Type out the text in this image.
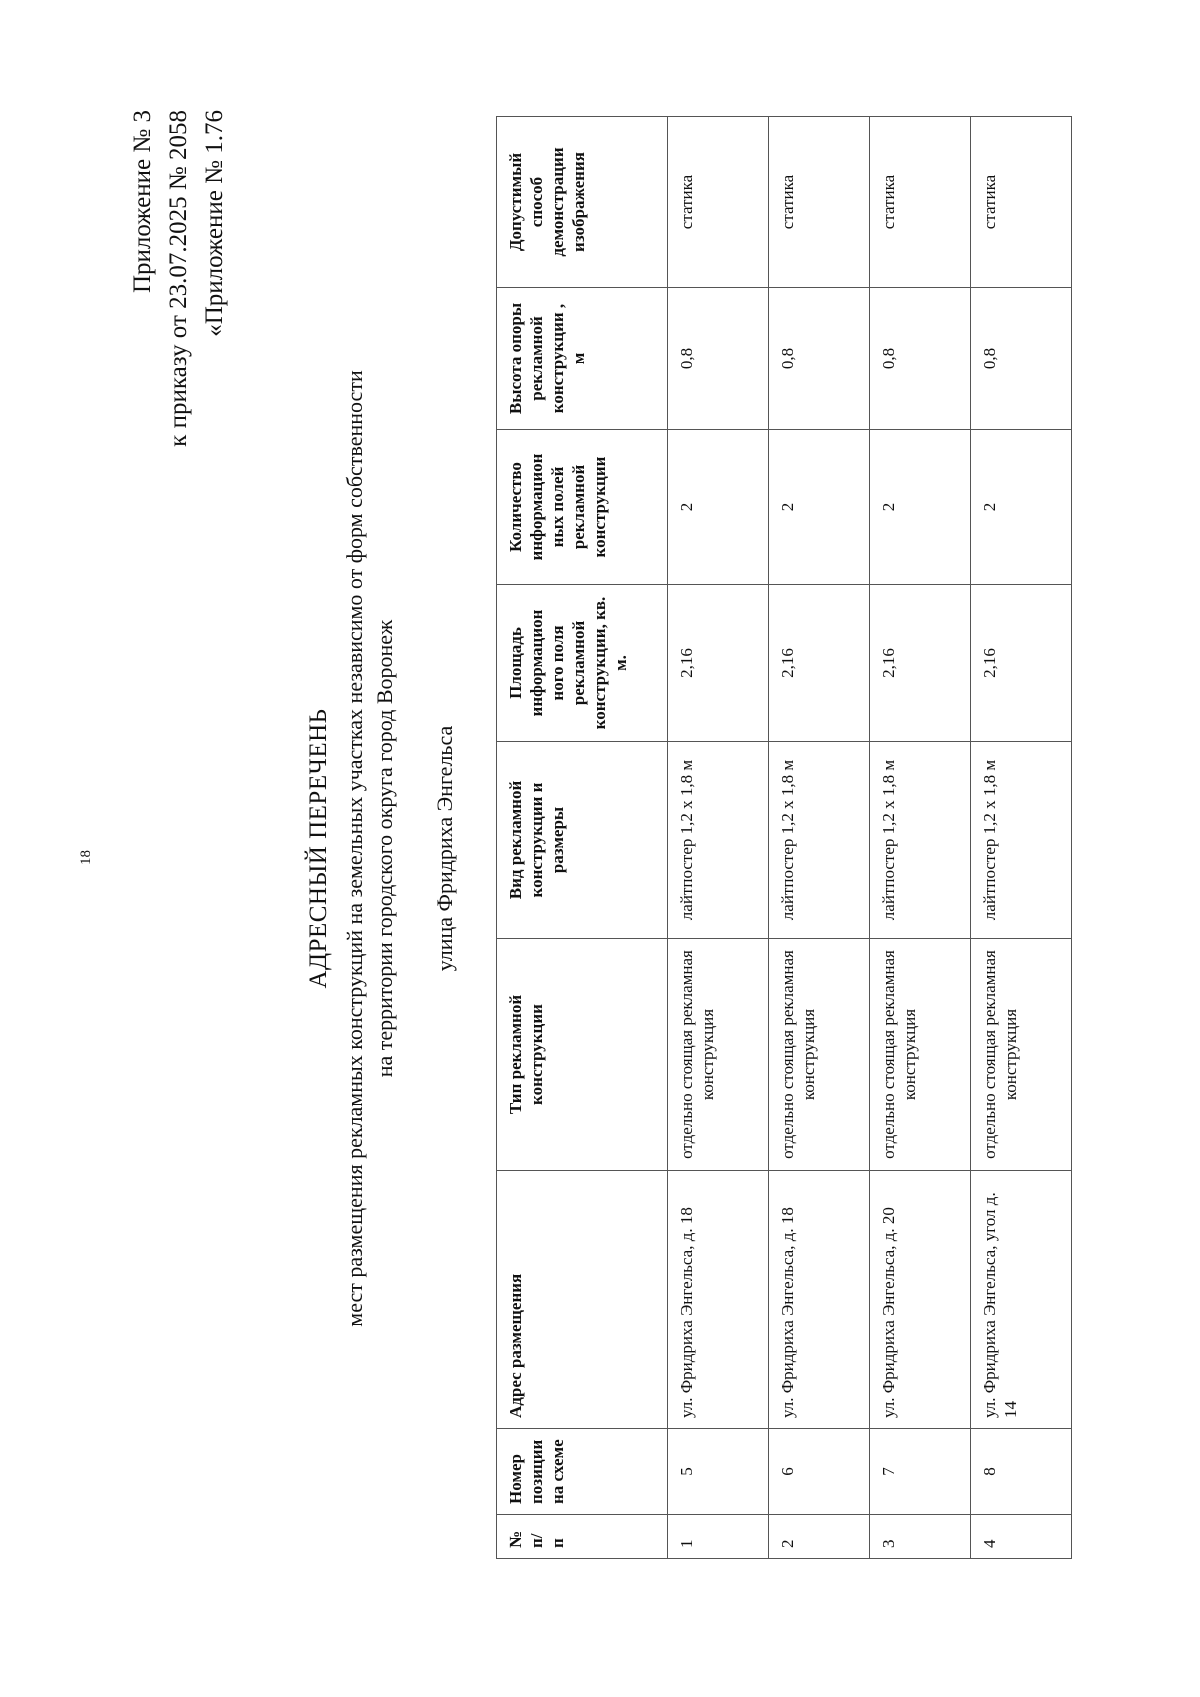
18
Приложение № 3 к приказу от 23.07.2025 № 2058 «Приложение № 1.76
АДРЕСНЫЙ ПЕРЕЧЕНЬ мест размещения рекламных конструкций на земельных участках независимо от форм собственности на территории городского округа город Воронеж улица Фридриха Энгельса
№ п/п	Номер позиции на схеме	Адрес размещения	Тип рекламной конструкции	Вид рекламной конструкции и размеры	Площадь информацион ного поля рекламной конструкции, кв. м.	Количество информацион ных полей рекламной конструкции	Высота опоры рекламной конструкции , м	Допустимый способ демонстрации изображения
1	5	ул. Фридриха Энгельса, д. 18	отдельно стоящая рекламная конструкция	лайтпостер 1,2 х 1,8 м	2,16	2	0,8	статика
2	6	ул. Фридриха Энгельса, д. 18	отдельно стоящая рекламная конструкция	лайтпостер 1,2 х 1,8 м	2,16	2	0,8	статика
3	7	ул. Фридриха Энгельса, д. 20	отдельно стоящая рекламная конструкция	лайтпостер 1,2 х 1,8 м	2,16	2	0,8	статика
4	8	ул. Фридриха Энгельса, угол д. 14	отдельно стоящая рекламная конструкция	лайтпостер 1,2 х 1,8 м	2,16	2	0,8	статика
